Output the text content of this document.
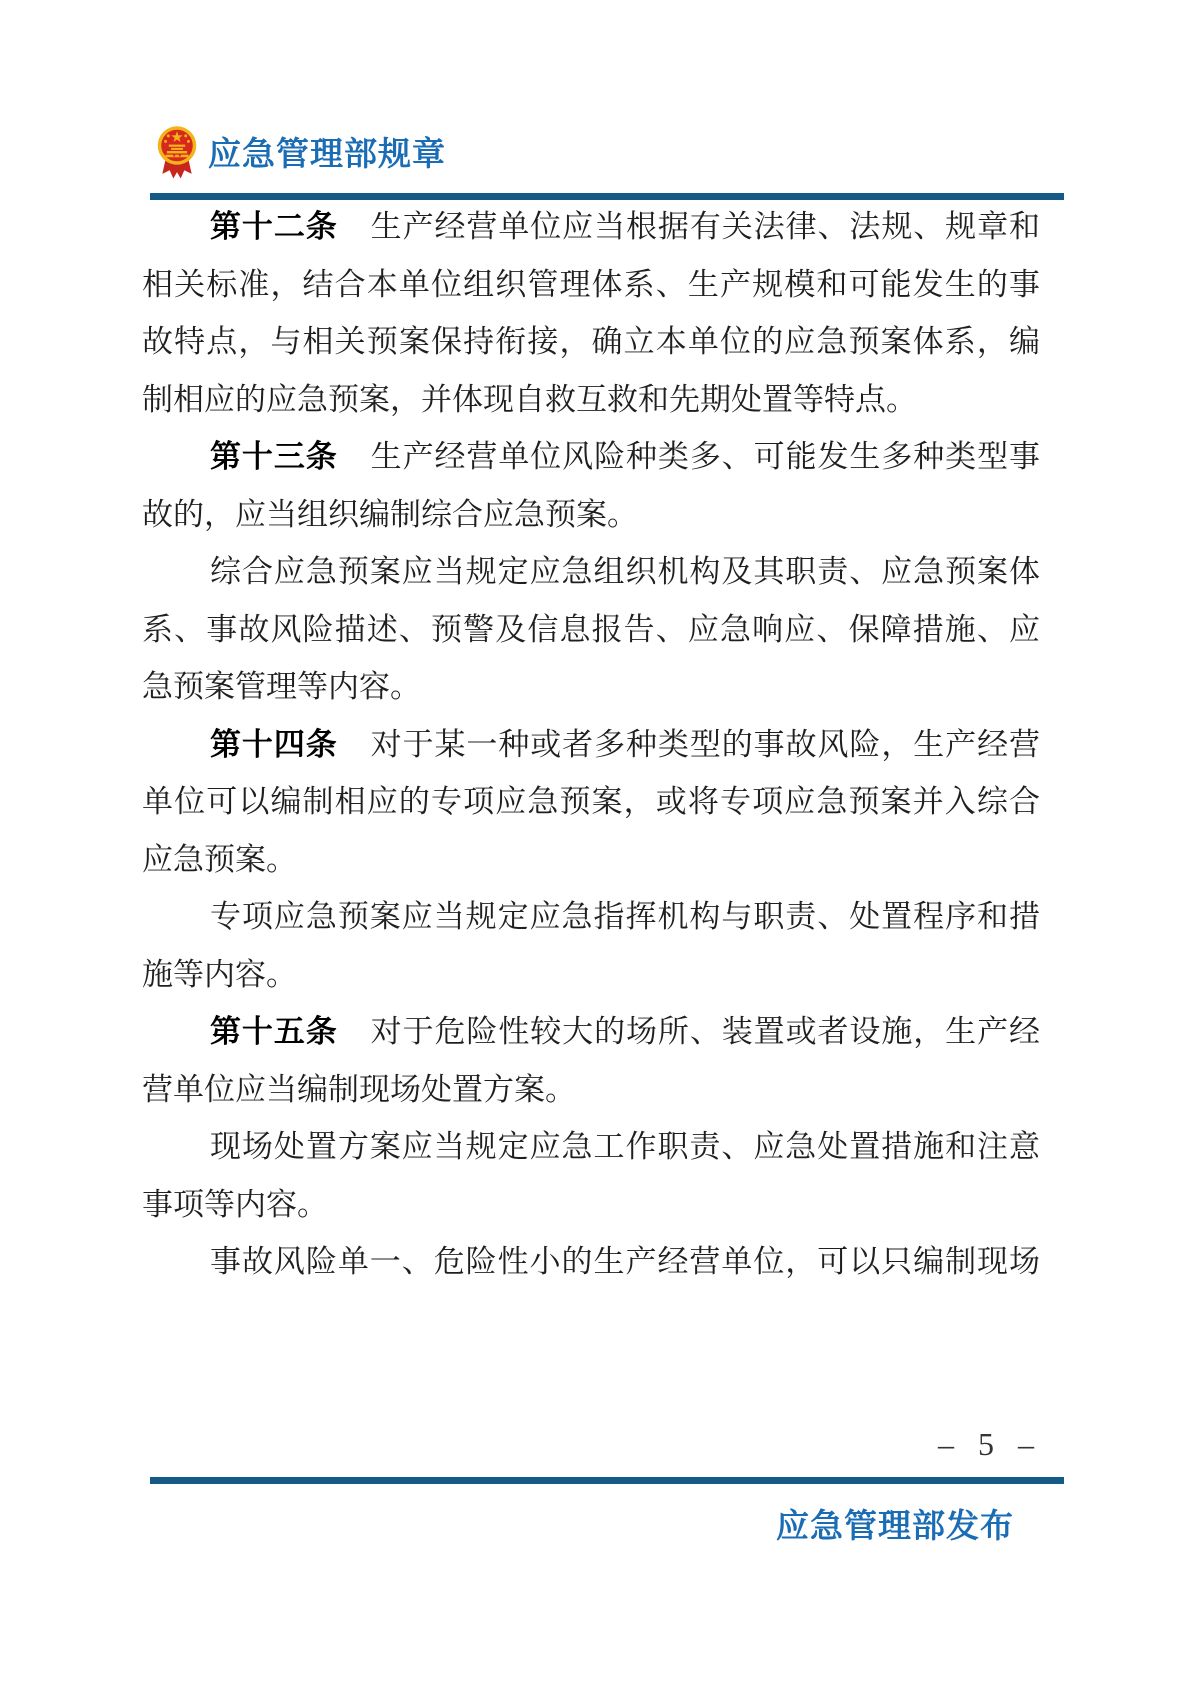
应急管理部规章
第十二条 生产经营单位应当根据有关法律、法规、规章和
相关标准，结合本单位组织管理体系、生产规模和可能发生的事
故特点，与相关预案保持衔接，确立本单位的应急预案体系，编
制相应的应急预案，并体现自救互救和先期处置等特点。
第十三条 生产经营单位风险种类多、可能发生多种类型事
故的，应当组织编制综合应急预案。
综合应急预案应当规定应急组织机构及其职责、应急预案体
系、事故风险描述、预警及信息报告、应急响应、保障措施、应
急预案管理等内容。
第十四条 对于某一种或者多种类型的事故风险，生产经营
单位可以编制相应的专项应急预案，或将专项应急预案并入综合
应急预案。
专项应急预案应当规定应急指挥机构与职责、处置程序和措
施等内容。
第十五条 对于危险性较大的场所、装置或者设施，生产经
营单位应当编制现场处置方案。
现场处置方案应当规定应急工作职责、应急处置措施和注意
事项等内容。
事故风险单一、危险性小的生产经营单位，可以只编制现场
– 5 –
应急管理部发布
